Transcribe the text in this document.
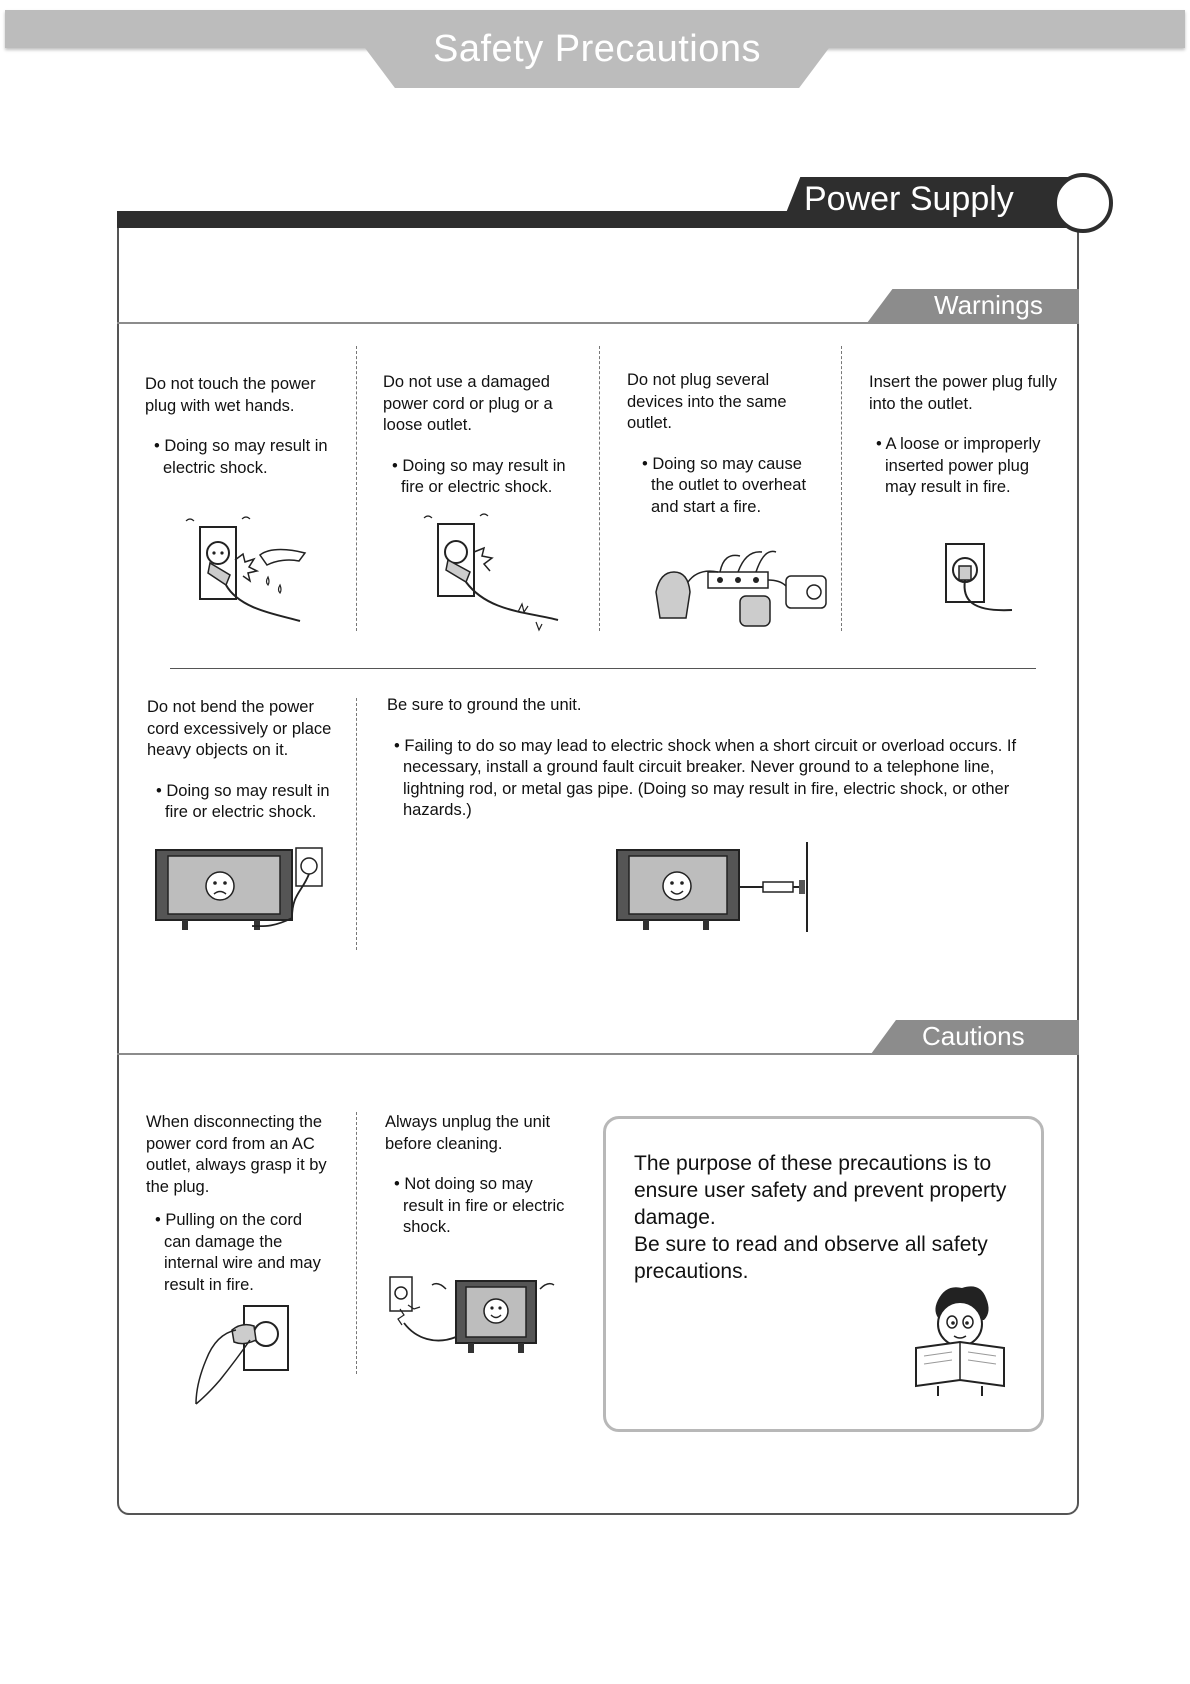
Safety Precautions
Power Supply
Warnings

Do not touch the power plug with wet hands.

• Doing so may result in electric shock.

Do not use a damaged power cord or plug or a loose outlet.

• Doing so may result in fire or electric shock.

Do not plug several devices into the same outlet.

• Doing so may cause the outlet to overheat and start a fire.

Insert the power plug fully into the outlet.

• A loose or improperly inserted power plug may result in fire.

Do not bend the power cord excessively or place heavy objects on it.

• Doing so may result in fire or electric shock.

Be sure to ground the unit.

• Failing to do so may lead to electric shock when a short circuit or overload occurs. If necessary, install a ground fault circuit breaker. Never ground to a telephone line, lightning rod, or metal gas pipe. (Doing so may result in fire, electric shock, or other hazards.)

Cautions

When disconnecting the power cord from an AC outlet, always grasp it by the plug.

• Pulling on the cord can damage the internal wire and may result in fire.

Always unplug the unit before cleaning.

• Not doing so may result in fire or electric shock.

The purpose of these precautions is to ensure user safety and prevent property damage.

Be sure to read and observe all safety precautions.
